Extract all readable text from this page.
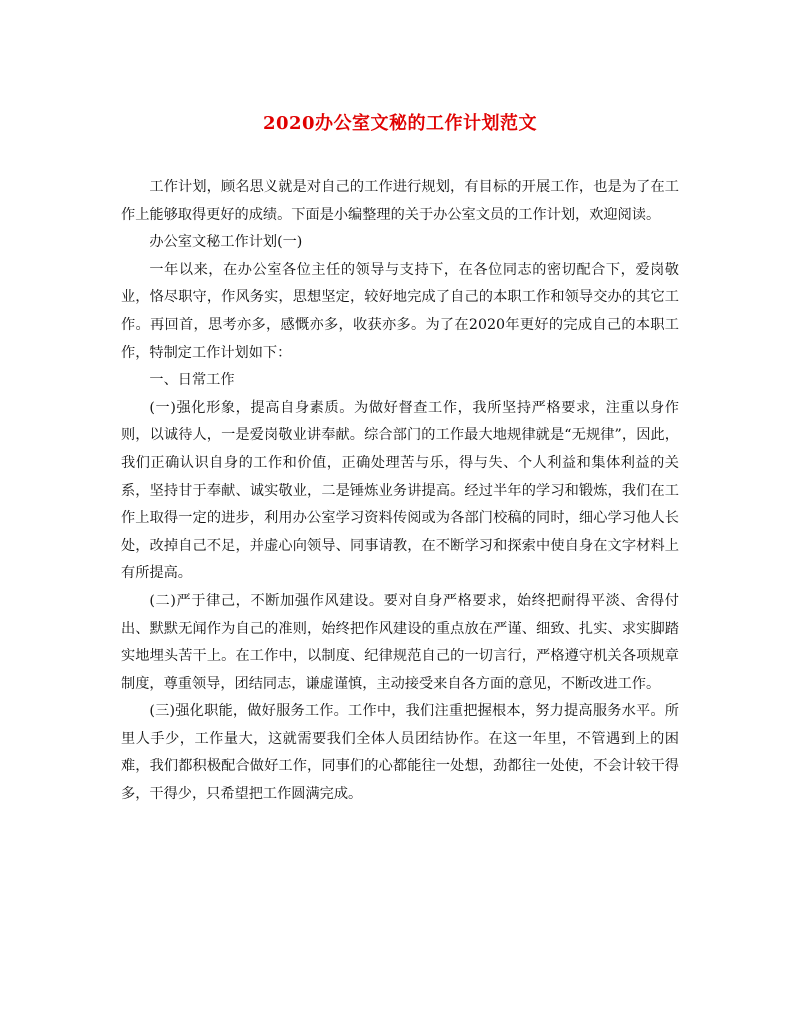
2020办公室文秘的工作计划范文

工作计划，顾名思义就是对自己的工作进行规划，有目标的开展工作，也是为了在工作上能够取得更好的成绩。下面是小编整理的关于办公室文员的工作计划，欢迎阅读。

办公室文秘工作计划(一)

一年以来，在办公室各位主任的领导与支持下，在各位同志的密切配合下，爱岗敬业，恪尽职守，作风务实，思想坚定，较好地完成了自己的本职工作和领导交办的其它工作。再回首，思考亦多，感慨亦多，收获亦多。为了在2020年更好的完成自己的本职工作，特制定工作计划如下：

一、日常工作

(一)强化形象，提高自身素质。为做好督查工作，我所坚持严格要求，注重以身作则，以诚待人，一是爱岗敬业讲奉献。综合部门的工作最大地规律就是“无规律”，因此，我们正确认识自身的工作和价值，正确处理苦与乐，得与失、个人利益和集体利益的关系，坚持甘于奉献、诚实敬业，二是锤炼业务讲提高。经过半年的学习和锻炼，我们在工作上取得一定的进步，利用办公室学习资料传阅或为各部门校稿的同时，细心学习他人长处，改掉自己不足，并虚心向领导、同事请教，在不断学习和探索中使自身在文字材料上有所提高。

(二)严于律己，不断加强作风建设。要对自身严格要求，始终把耐得平淡、舍得付出、默默无闻作为自己的准则，始终把作风建设的重点放在严谨、细致、扎实、求实脚踏实地埋头苦干上。在工作中，以制度、纪律规范自己的一切言行，严格遵守机关各项规章制度，尊重领导，团结同志，谦虚谨慎，主动接受来自各方面的意见，不断改进工作。

(三)强化职能，做好服务工作。工作中，我们注重把握根本，努力提高服务水平。所里人手少，工作量大，这就需要我们全体人员团结协作。在这一年里，不管遇到上的困难，我们都积极配合做好工作，同事们的心都能往一处想，劲都往一处使，不会计较干得多，干得少，只希望把工作圆满完成。
